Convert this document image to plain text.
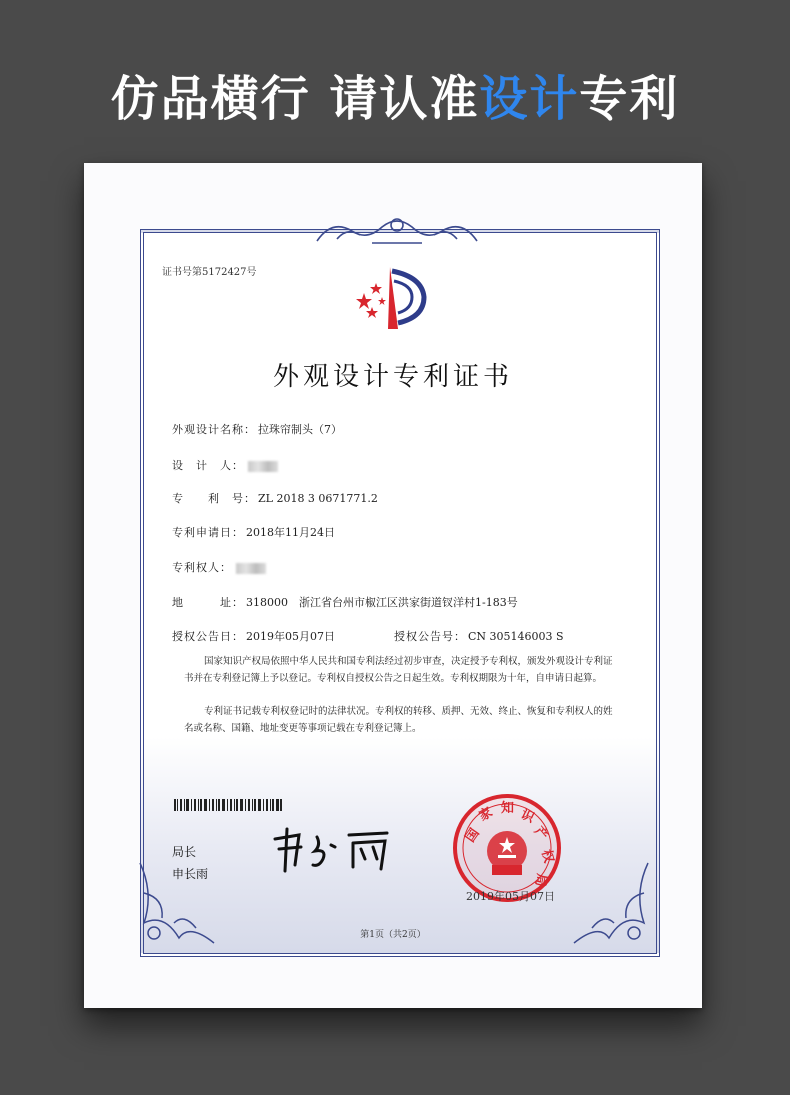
仿品横行 请认准设计专利
证书号第5172427号
外观设计专利证书
外观设计名称： 拉珠帘制头（7）
设　计　人：
专　　利　号： ZL 2018 3 0671771.2
专利申请日： 2018年11月24日
专利权人：
地　　　址： 318000　浙江省台州市椒江区洪家街道钗洋村1-183号
授权公告日： 2019年05月07日	授权公告号： CN 305146003 S
国家知识产权局依照中华人民共和国专利法经过初步审查，决定授予专利权，颁发外观设计专利证书并在专利登记簿上予以登记。专利权自授权公告之日起生效。专利权期限为十年，自申请日起算。
专利证书记载专利权登记时的法律状况。专利权的转移、质押、无效、终止、恢复和专利权人的姓名或名称、国籍、地址变更等事项记载在专利登记簿上。
局长
申长雨
国
家 知 识
产
权
局
2019年05月07日
第1页（共2页）
